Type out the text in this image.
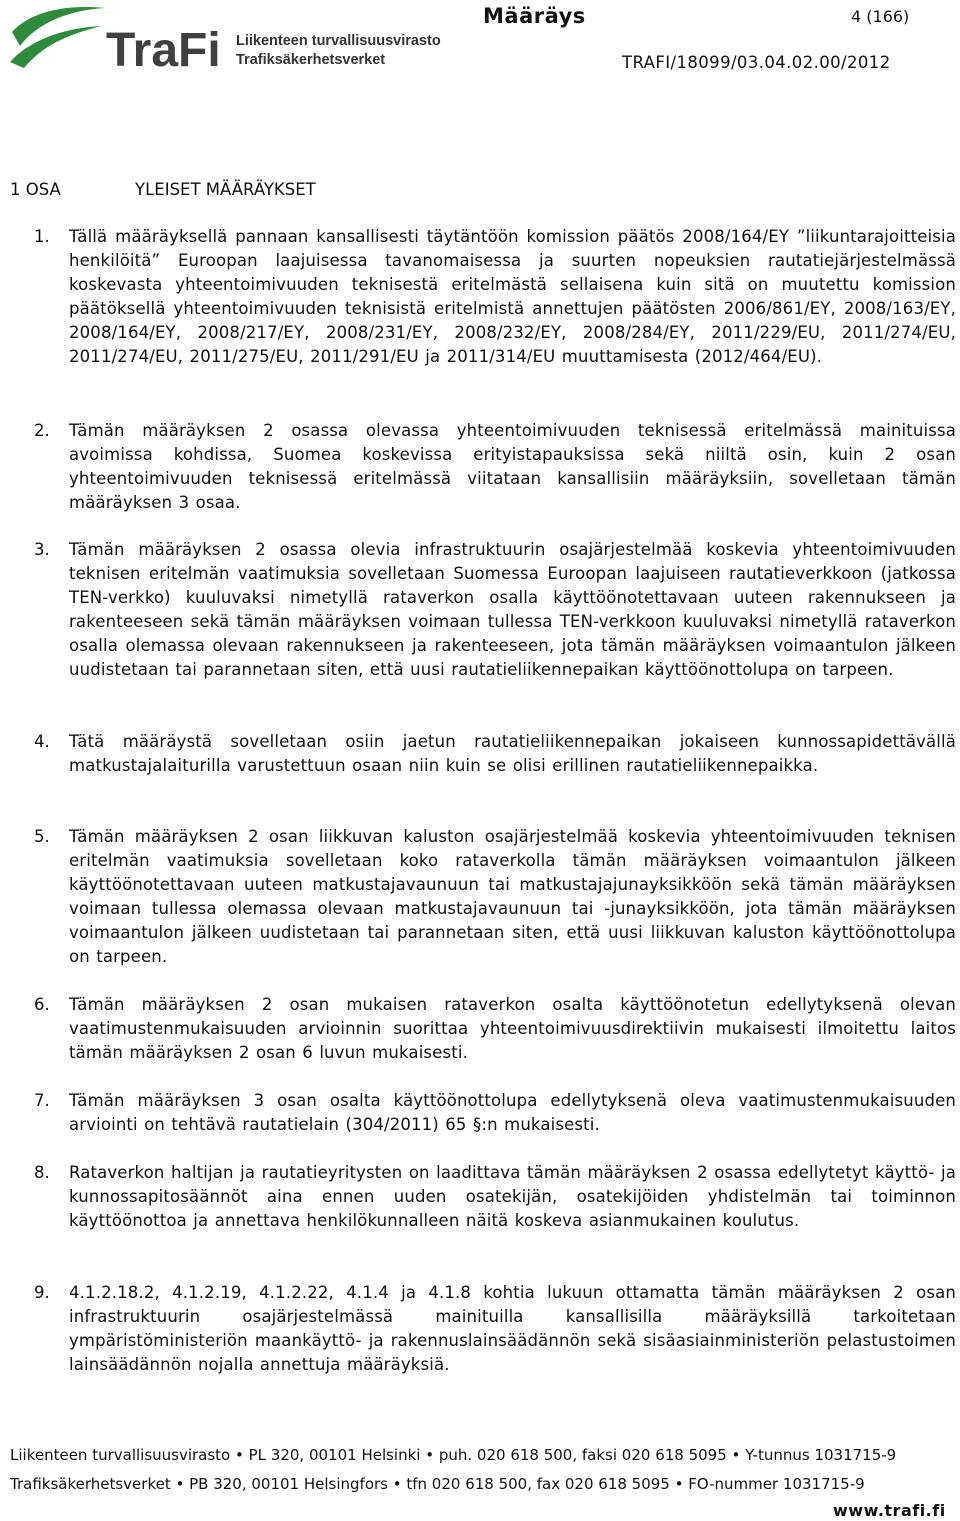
TraFi Liikenteen turvallisuusvirasto
Trafiksäkerhetsverket
Määräys	4 (166)
TRAFI/18099/03.04.02.00/2012
1 OSA	YLEISET MÄÄRÄYKSET
1. Tällä määräyksellä pannaan kansallisesti täytäntöön komission päätös 2008/164/EY ”liikuntarajoitteisia henkilöitä” Euroopan laajuisessa tavanomaisessa ja suurten nopeuksien rautatiejärjestelmässä koskevasta yhteentoimivuuden teknisestä eritelmästä sellaisena kuin sitä on muutettu komission päätöksellä yhteentoimivuuden teknisistä eritelmistä annettujen päätösten 2006/861/EY, 2008/163/EY, 2008/164/EY, 2008/217/EY, 2008/231/EY, 2008/232/EY, 2008/284/EY, 2011/229/EU, 2011/274/EU, 2011/274/EU, 2011/275/EU, 2011/291/EU ja 2011/314/EU muuttamisesta (2012/464/EU).
2. Tämän määräyksen 2 osassa olevassa yhteentoimivuuden teknisessä eritelmässä mainituissa avoimissa kohdissa, Suomea koskevissa erityistapauksissa sekä niiltä osin, kuin 2 osan yhteentoimivuuden teknisessä eritelmässä viitataan kansallisiin määräyksiin, sovelletaan tämän määräyksen 3 osaa.
3. Tämän määräyksen 2 osassa olevia infrastruktuurin osajärjestelmää koskevia yhteentoimivuuden teknisen eritelmän vaatimuksia sovelletaan Suomessa Euroopan laajuiseen rautatieverkkoon (jatkossa TEN-verkko) kuuluvaksi nimetyllä rataverkon osalla käyttöönotettavaan uuteen rakennukseen ja rakenteeseen sekä tämän määräyksen voimaan tullessa TEN-verkkoon kuuluvaksi nimetyllä rataverkon osalla olemassa olevaan rakennukseen ja rakenteeseen, jota tämän määräyksen voimaantulon jälkeen uudistetaan tai parannetaan siten, että uusi rautatieliikennepaikan käyttöönottolupa on tarpeen.
4. Tätä määräystä sovelletaan osiin jaetun rautatieliikennepaikan jokaiseen kunnossapidettävällä matkustajalaiturilla varustettuun osaan niin kuin se olisi erillinen rautatieliikennepaikka.
5. Tämän määräyksen 2 osan liikkuvan kaluston osajärjestelmää koskevia yhteentoimivuuden teknisen eritelmän vaatimuksia sovelletaan koko rataverkolla tämän määräyksen voimaantulon jälkeen käyttöönotettavaan uuteen matkustajavaunuun tai matkustajajunayksikköön sekä tämän määräyksen voimaan tullessa olemassa olevaan matkustajavaunuun tai -junayksikköön, jota tämän määräyksen voimaantulon jälkeen uudistetaan tai parannetaan siten, että uusi liikkuvan kaluston käyttöönottolupa on tarpeen.
6. Tämän määräyksen 2 osan mukaisen rataverkon osalta käyttöönotetun edellytyksenä olevan vaatimustenmukaisuuden arvioinnin suorittaa yhteentoimivuusdirektiivin mukaisesti ilmoitettu laitos tämän määräyksen 2 osan 6 luvun mukaisesti.
7. Tämän määräyksen 3 osan osalta käyttöönottolupa edellytyksenä oleva vaatimustenmukaisuuden arviointi on tehtävä rautatielain (304/2011) 65 §:n mukaisesti.
8. Rataverkon haltijan ja rautatieyritysten on laadittava tämän määräyksen 2 osassa edellytetyt käyttö- ja kunnossapitosäännöt aina ennen uuden osatekijän, osatekijöiden yhdistelmän tai toiminnon käyttöönottoa ja annettava henkilökunnalleen näitä koskeva asianmukainen koulutus.
9. 4.1.2.18.2, 4.1.2.19, 4.1.2.22, 4.1.4 ja 4.1.8 kohtia lukuun ottamatta tämän määräyksen 2 osan infrastruktuurin osajärjestelmässä mainituilla kansallisilla määräyksillä tarkoitetaan ympäristöministeriön maankäyttö- ja rakennuslainsäädännön sekä sisäasiainministeriön pelastustoimen lainsäädännön nojalla annettuja määräyksiä.
Liikenteen turvallisuusvirasto • PL 320, 00101 Helsinki • puh. 020 618 500, faksi 020 618 5095 • Y-tunnus 1031715-9
Trafiksäkerhetsverket • PB 320, 00101 Helsingfors • tfn 020 618 500, fax 020 618 5095 • FO-nummer 1031715-9
www.trafi.fi
